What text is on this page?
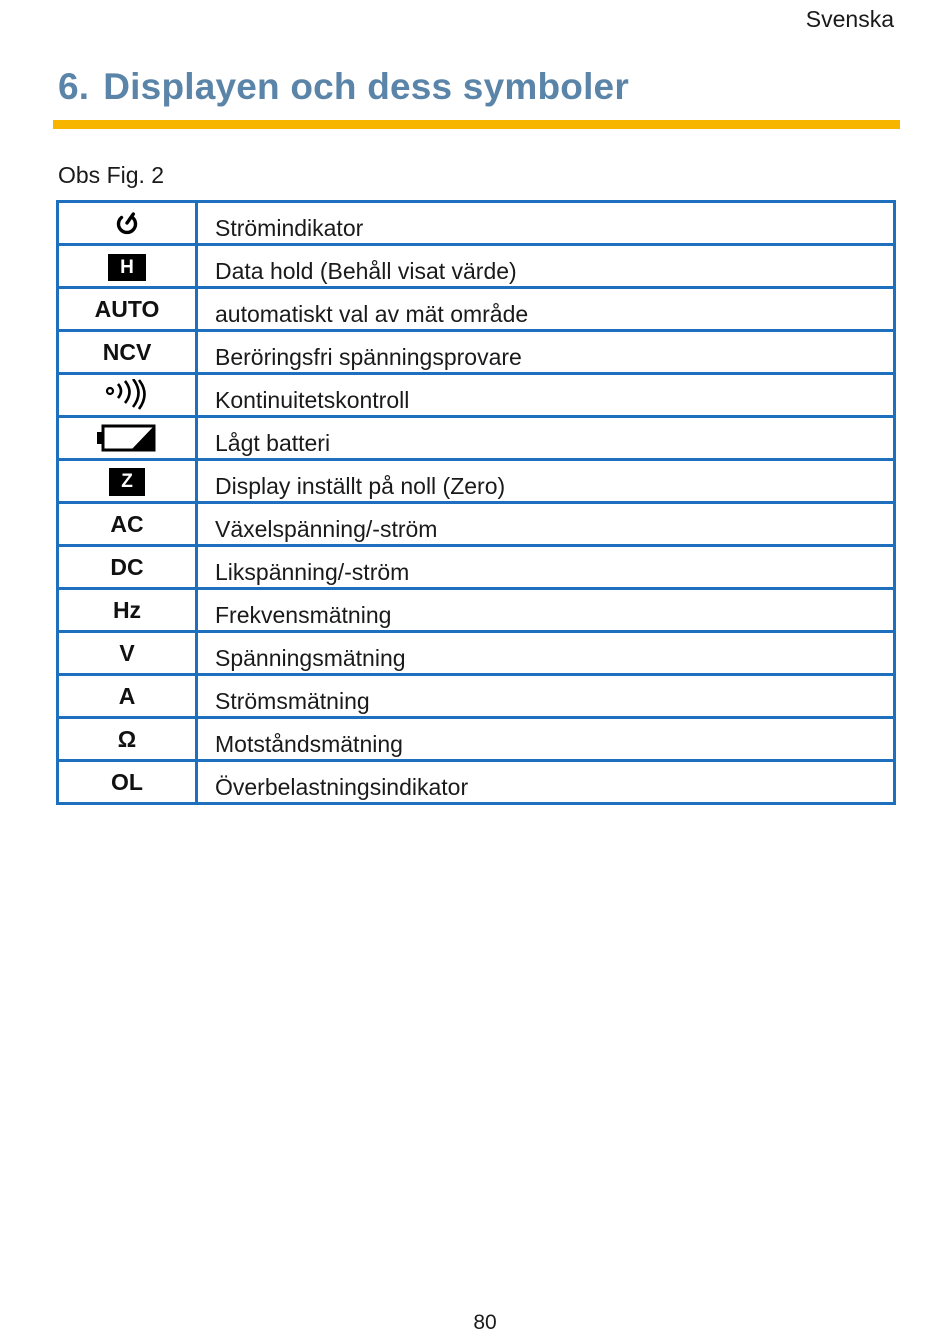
Svenska
6. Displayen och dess symboler
Obs Fig. 2
	Strömindikator
H	Data hold (Behåll visat värde)
AUTO	automatiskt val av mät område
NCV	Beröringsfri spänningsprovare
	Kontinuitetskontroll
	Lågt batteri
Z	Display inställt på noll (Zero)
AC	Växelspänning/-ström
DC	Likspänning/-ström
Hz	Frekvensmätning
V	Spänningsmätning
A	Strömsmätning
Ω	Motståndsmätning
OL	Överbelastningsindikator
80
